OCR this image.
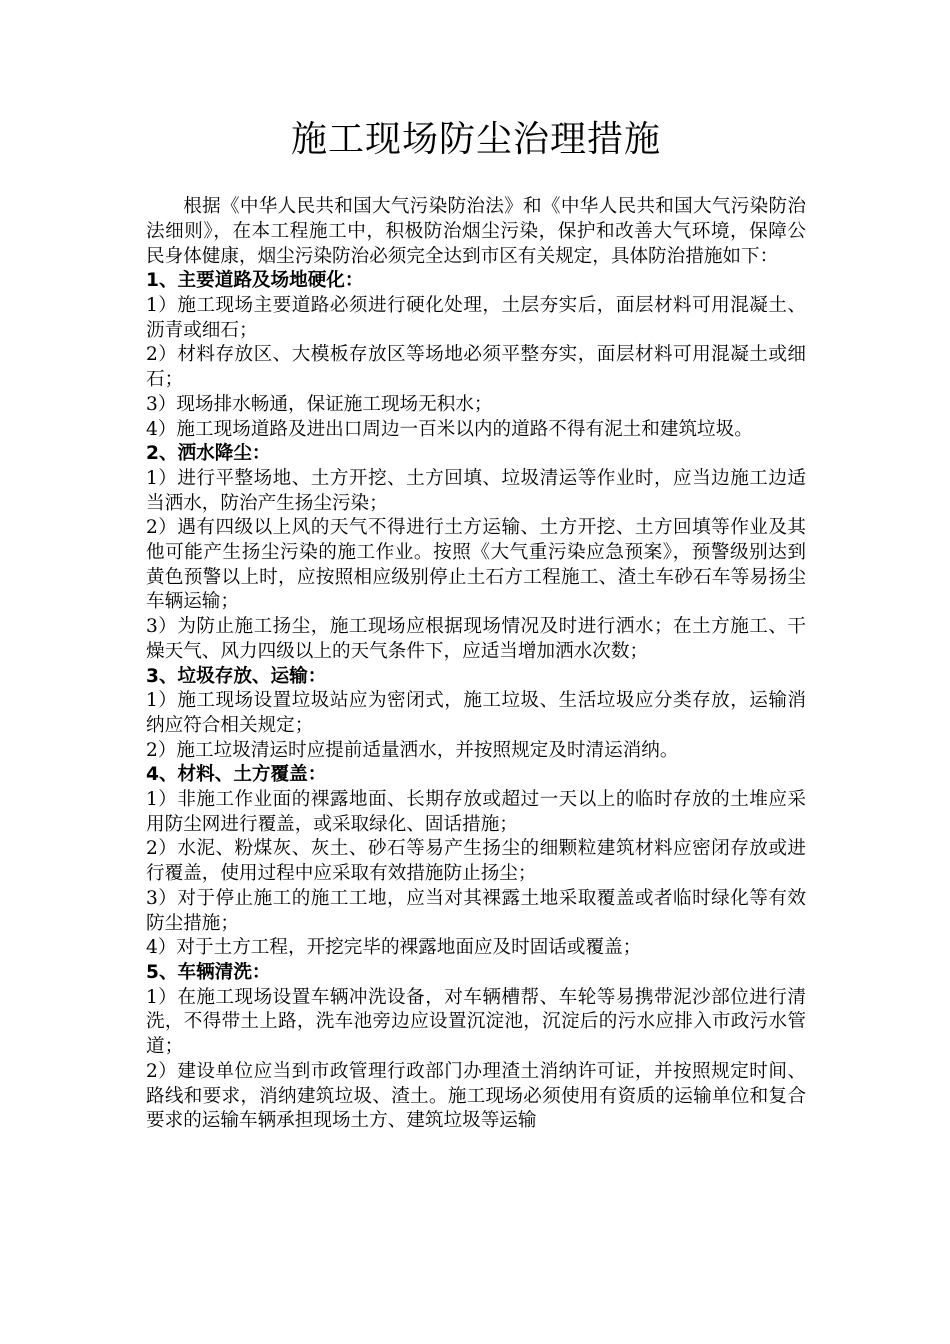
施工现场防尘治理措施

根据《中华人民共和国大气污染防治法》和《中华人民共和国大气污染防治法细则》，在本工程施工中，积极防治烟尘污染，保护和改善大气环境，保障公民身体健康，烟尘污染防治必须完全达到市区有关规定，具体防治措施如下：

1、主要道路及场地硬化：

1）施工现场主要道路必须进行硬化处理，土层夯实后，面层材料可用混凝土、沥青或细石；

2）材料存放区、大模板存放区等场地必须平整夯实，面层材料可用混凝土或细石；

3）现场排水畅通，保证施工现场无积水；

4）施工现场道路及进出口周边一百米以内的道路不得有泥土和建筑垃圾。

2、洒水降尘：

1）进行平整场地、土方开挖、土方回填、垃圾清运等作业时，应当边施工边适当洒水，防治产生扬尘污染；

2）遇有四级以上风的天气不得进行土方运输、土方开挖、土方回填等作业及其他可能产生扬尘污染的施工作业。按照《大气重污染应急预案》，预警级别达到黄色预警以上时，应按照相应级别停止土石方工程施工、渣土车砂石车等易扬尘车辆运输；

3）为防止施工扬尘，施工现场应根据现场情况及时进行洒水；在土方施工、干燥天气、风力四级以上的天气条件下，应适当增加洒水次数；

3、垃圾存放、运输：

1）施工现场设置垃圾站应为密闭式，施工垃圾、生活垃圾应分类存放，运输消纳应符合相关规定；

2）施工垃圾清运时应提前适量洒水，并按照规定及时清运消纳。

4、材料、土方覆盖：

1）非施工作业面的裸露地面、长期存放或超过一天以上的临时存放的土堆应采用防尘网进行覆盖，或采取绿化、固话措施；

2）水泥、粉煤灰、灰土、砂石等易产生扬尘的细颗粒建筑材料应密闭存放或进行覆盖，使用过程中应采取有效措施防止扬尘；

3）对于停止施工的施工工地，应当对其裸露土地采取覆盖或者临时绿化等有效防尘措施；

4）对于土方工程，开挖完毕的裸露地面应及时固话或覆盖；

5、车辆清洗：

1）在施工现场设置车辆冲洗设备，对车辆槽帮、车轮等易携带泥沙部位进行清洗，不得带土上路，洗车池旁边应设置沉淀池，沉淀后的污水应排入市政污水管道；

2）建设单位应当到市政管理行政部门办理渣土消纳许可证，并按照规定时间、路线和要求，消纳建筑垃圾、渣土。施工现场必须使用有资质的运输单位和复合要求的运输车辆承担现场土方、建筑垃圾等运输
